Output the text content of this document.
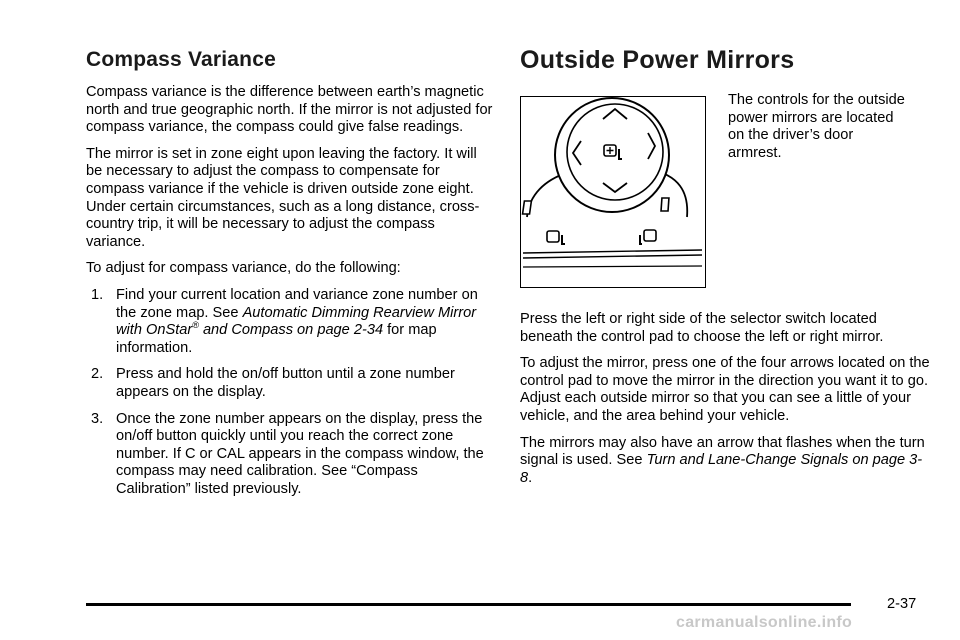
Compass Variance

Compass variance is the difference between earth’s magnetic north and true geographic north. If the mirror is not adjusted for compass variance, the compass could give false readings.

The mirror is set in zone eight upon leaving the factory. It will be necessary to adjust the compass to compensate for compass variance if the vehicle is driven outside zone eight. Under certain circumstances, such as a long distance, cross-country trip, it will be necessary to adjust the compass variance.

To adjust for compass variance, do the following:

1. Find your current location and variance zone number on the zone map. See Automatic Dimming Rearview Mirror with OnStar® and Compass on page 2-34 for map information.
2. Press and hold the on/off button until a zone number appears on the display.
3. Once the zone number appears on the display, press the on/off button quickly until you reach the correct zone number. If C or CAL appears in the compass window, the compass may need calibration. See “Compass Calibration” listed previously.
Outside Power Mirrors

The controls for the outside power mirrors are located on the driver’s door armrest.

Press the left or right side of the selector switch located beneath the control pad to choose the left or right mirror.

To adjust the mirror, press one of the four arrows located on the control pad to move the mirror in the direction you want it to go. Adjust each outside mirror so that you can see a little of your vehicle, and the area behind your vehicle.

The mirrors may also have an arrow that flashes when the turn signal is used. See Turn and Lane-Change Signals on page 3-8.

2-37
carmanualsonline.info
